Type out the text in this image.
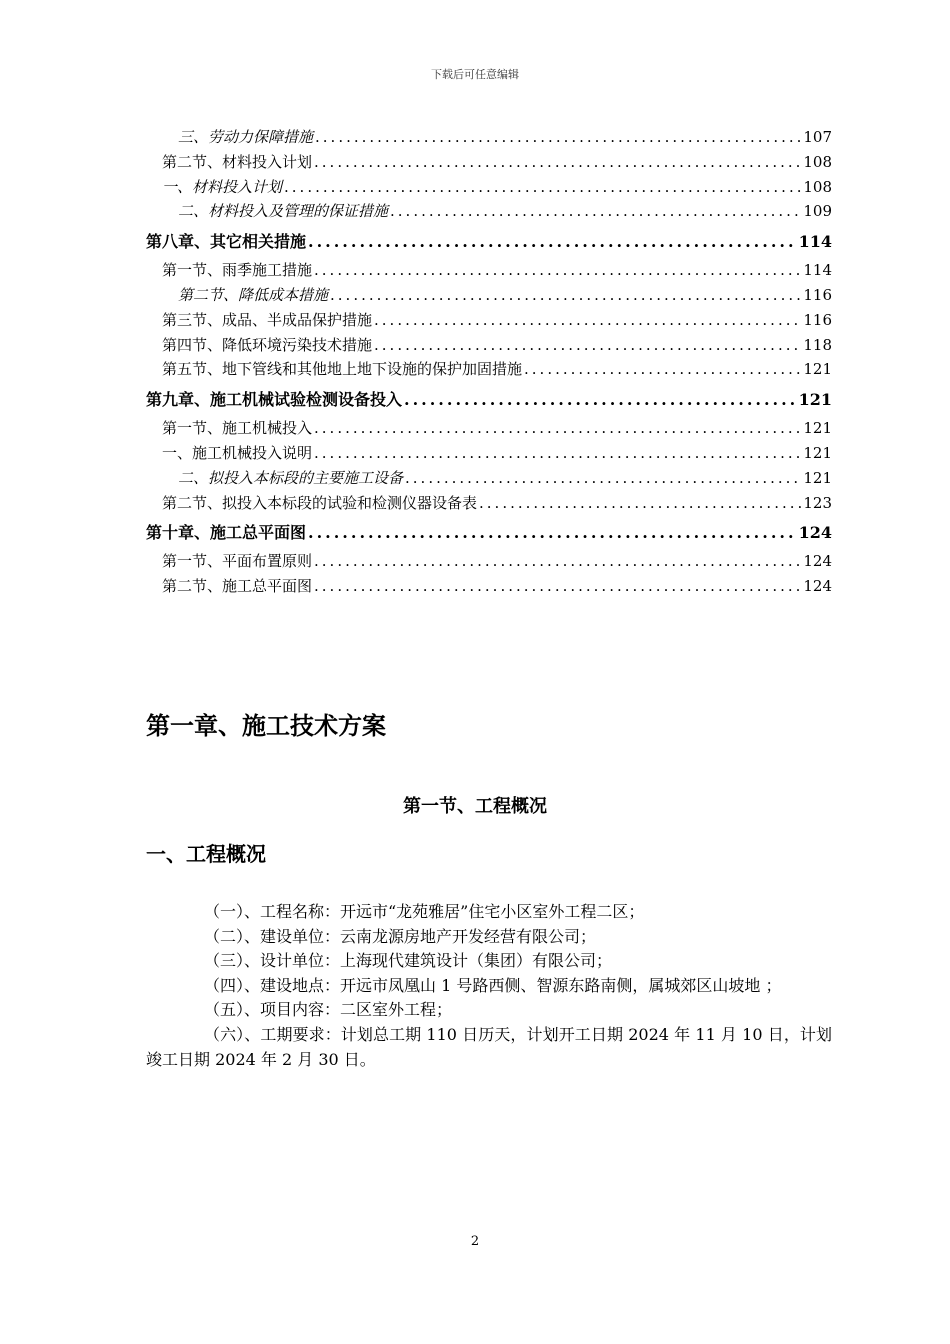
下载后可任意编辑
三、劳动力保障措施 .....	107
第二节、材料投入计划 .....	108
一、材料投入计划 .....	108
二、材料投入及管理的保证措施 .....	109
第八章、其它相关措施 .....	114
第一节、雨季施工措施 .....	114
第二节、降低成本措施 .....	116
第三节、成品、半成品保护措施 .....	116
第四节、降低环境污染技术措施 .....	118
第五节、地下管线和其他地上地下设施的保护加固措施 .....	121
第九章、施工机械试验检测设备投入 .....	121
第一节、施工机械投入 .....	121
一、施工机械投入说明 .....	121
二、拟投入本标段的主要施工设备 .....	121
第二节、拟投入本标段的试验和检测仪器设备表 .....	123
第十章、施工总平面图 .....	124
第一节、平面布置原则 .....	124
第二节、施工总平面图 .....	124
第一章、施工技术方案
第一节、工程概况
一、工程概况

（一）、工程名称：开远市“龙苑雅居”住宅小区室外工程二区；

（二）、建设单位：云南龙源房地产开发经营有限公司；

（三）、设计单位：上海现代建筑设计（集团）有限公司；

（四）、建设地点：开远市凤凰山 1 号路西侧、智源东路南侧，属城郊区山坡地 ；

（五）、项目内容：二区室外工程；

（六）、工期要求：计划总工期 110 日历天，计划开工日期 2024 年 11 月 10 日，计划竣工日期 2024 年 2 月 30 日。

2
